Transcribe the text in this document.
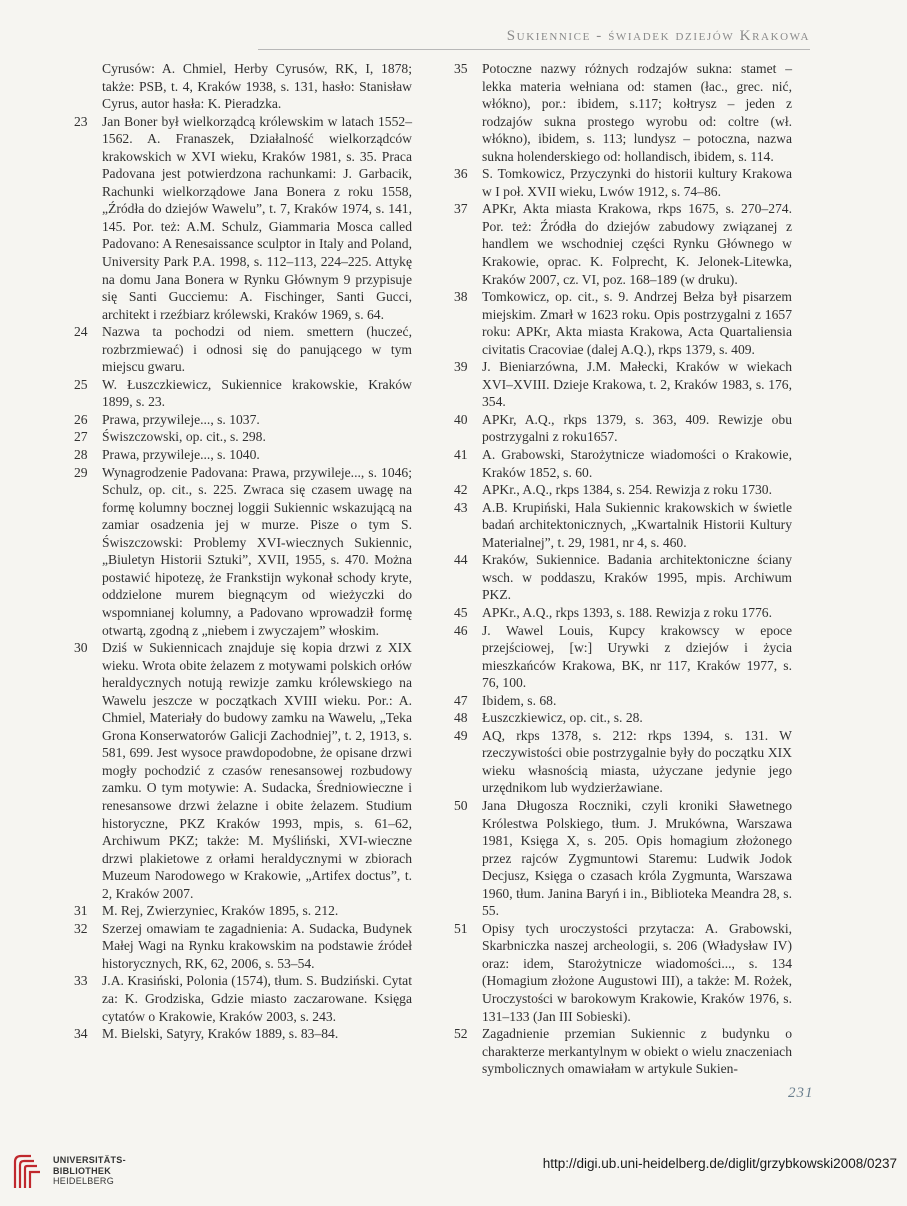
Sukiennice - świadek dziejów Krakowa
Cyrusów: A. Chmiel, Herby Cyrusów, RK, I, 1878; także: PSB, t. 4, Kraków 1938, s. 131, hasło: Stanisław Cyrus, autor hasła: K. Pieradzka.
23	Jan Boner był wielkorządcą królewskim w latach 1552–1562. A. Franaszek, Działalność wielkorządców krakowskich w XVI wieku, Kraków 1981, s. 35. Praca Padovana jest potwierdzona rachunkami: J. Garbacik, Rachunki wielkorządowe Jana Bonera z roku 1558, „Źródła do dziejów Wawelu”, t. 7, Kraków 1974, s. 141, 145. Por. też: A.M. Schulz, Giammaria Mosca called Padovano: A Renesaissance sculptor in Italy and Poland, University Park P.A. 1998, s. 112–113, 224–225. Attykę na domu Jana Bonera w Rynku Głównym 9 przypisuje się Santi Gucciemu: A. Fischinger, Santi Gucci, architekt i rzeźbiarz królewski, Kraków 1969, s. 64.
24	Nazwa ta pochodzi od niem. smettern (huczeć, rozbrzmiewać) i odnosi się do panującego w tym miejscu gwaru.
25	W. Łuszczkiewicz, Sukiennice krakowskie, Kraków 1899, s. 23.
26	Prawa, przywileje..., s. 1037.
27	Świszczowski, op. cit., s. 298.
28	Prawa, przywileje..., s. 1040.
29	Wynagrodzenie Padovana: Prawa, przywileje..., s. 1046; Schulz, op. cit., s. 225. Zwraca się czasem uwagę na formę kolumny bocznej loggii Sukiennic wskazującą na zamiar osadzenia jej w murze. Pisze o tym S. Świszczowski: Problemy XVI-wiecznych Sukiennic, „Biuletyn Historii Sztuki”, XVII, 1955, s. 470. Można postawić hipotezę, że Frankstijn wykonał schody kryte, oddzielone murem biegnącym od wieżyczki do wspomnianej kolumny, a Padovano wprowadził formę otwartą, zgodną z „niebem i zwyczajem” włoskim.
30	Dziś w Sukiennicach znajduje się kopia drzwi z XIX wieku. Wrota obite żelazem z motywami polskich orłów heraldycznych notują rewizje zamku królewskiego na Wawelu jeszcze w początkach XVIII wieku. Por.: A. Chmiel, Materiały do budowy zamku na Wawelu, „Teka Grona Konserwatorów Galicji Zachodniej”, t. 2, 1913, s. 581, 699. Jest wysoce prawdopodobne, że opisane drzwi mogły pochodzić z czasów renesansowej rozbudowy zamku. O tym motywie: A. Sudacka, Średniowieczne i renesansowe drzwi żelazne i obite żelazem. Studium historyczne, PKZ Kraków 1993, mpis, s. 61–62, Archiwum PKZ; także: M. Myśliński, XVI-wieczne drzwi plakietowe z orłami heraldycznymi w zbiorach Muzeum Narodowego w Krakowie, „Artifex doctus”, t. 2, Kraków 2007.
31	M. Rej, Zwierzyniec, Kraków 1895, s. 212.
32	Szerzej omawiam te zagadnienia: A. Sudacka, Budynek Małej Wagi na Rynku krakowskim na podstawie źródeł historycznych, RK, 62, 2006, s. 53–54.
33	J.A. Krasiński, Polonia (1574), tłum. S. Budziński. Cytat za: K. Grodziska, Gdzie miasto zaczarowane. Księga cytatów o Krakowie, Kraków 2003, s. 243.
34	M. Bielski, Satyry, Kraków 1889, s. 83–84.
35	Potoczne nazwy różnych rodzajów sukna: stamet – lekka materia wełniana od: stamen (łac., grec. nić, włókno), por.: ibidem, s.117; kołtrysz – jeden z rodzajów sukna prostego wyrobu od: coltre (wł. włókno), ibidem, s. 113; lundysz – potoczna, nazwa sukna holenderskiego od: hollandisch, ibidem, s. 114.
36	S. Tomkowicz, Przyczynki do historii kultury Krakowa w I poł. XVII wieku, Lwów 1912, s. 74–86.
37	APKr, Akta miasta Krakowa, rkps 1675, s. 270–274. Por. też: Źródła do dziejów zabudowy związanej z handlem we wschodniej części Rynku Głównego w Krakowie, oprac. K. Folprecht, K. Jelonek-Litewka, Kraków 2007, cz. VI, poz. 168–189 (w druku).
38	Tomkowicz, op. cit., s. 9. Andrzej Bełza był pisarzem miejskim. Zmarł w 1623 roku. Opis postrzygalni z 1657 roku: APKr, Akta miasta Krakowa, Acta Quartaliensia civitatis Cracoviae (dalej A.Q.), rkps 1379, s. 409.
39	J. Bieniarzówna, J.M. Małecki, Kraków w wiekach XVI–XVIII. Dzieje Krakowa, t. 2, Kraków 1983, s. 176, 354.
40	APKr, A.Q., rkps 1379, s. 363, 409. Rewizje obu postrzygalni z roku1657.
41	A. Grabowski, Starożytnicze wiadomości o Krakowie, Kraków 1852, s. 60.
42	APKr., A.Q., rkps 1384, s. 254. Rewizja z roku 1730.
43	A.B. Krupiński, Hala Sukiennic krakowskich w świetle badań architektonicznych, „Kwartalnik Historii Kultury Materialnej”, t. 29, 1981, nr 4, s. 460.
44	Kraków, Sukiennice. Badania architektoniczne ściany wsch. w poddaszu, Kraków 1995, mpis. Archiwum PKZ.
45	APKr., A.Q., rkps 1393, s. 188. Rewizja z roku 1776.
46	J. Wawel Louis, Kupcy krakowscy w epoce przejściowej, [w:] Urywki z dziejów i życia mieszkańców Krakowa, BK, nr 117, Kraków 1977, s. 76, 100.
47	Ibidem, s. 68.
48	Łuszczkiewicz, op. cit., s. 28.
49	AQ, rkps 1378, s. 212: rkps 1394, s. 131. W rzeczywistości obie postrzygalnie były do początku XIX wieku własnością miasta, użyczane jedynie jego urzędnikom lub wydzierżawiane.
50	Jana Długosza Roczniki, czyli kroniki Sławetnego Królestwa Polskiego, tłum. J. Mrukówna, Warszawa 1981, Księga X, s. 205. Opis homagium złożonego przez rajców Zygmuntowi Staremu: Ludwik Jodok Decjusz, Księga o czasach króla Zygmunta, Warszawa 1960, tłum. Janina Baryń i in., Biblioteka Meandra 28, s. 55.
51	Opisy tych uroczystości przytacza: A. Grabowski, Skarbniczka naszej archeologii, s. 206 (Władysław IV) oraz: idem, Starożytnicze wiadomości..., s. 134 (Homagium złożone Augustowi III), a także: M. Rożek, Uroczystości w barokowym Krakowie, Kraków 1976, s. 131–133 (Jan III Sobieski).
52	Zagadnienie przemian Sukiennic z budynku o charakterze merkantylnym w obiekt o wielu znaczeniach symbolicznych omawiałam w artykule Sukien-
231
UNIVERSITÄTS-
BIBLIOTHEK
HEIDELBERG
http://digi.ub.uni-heidelberg.de/diglit/grzybkowski2008/0237
